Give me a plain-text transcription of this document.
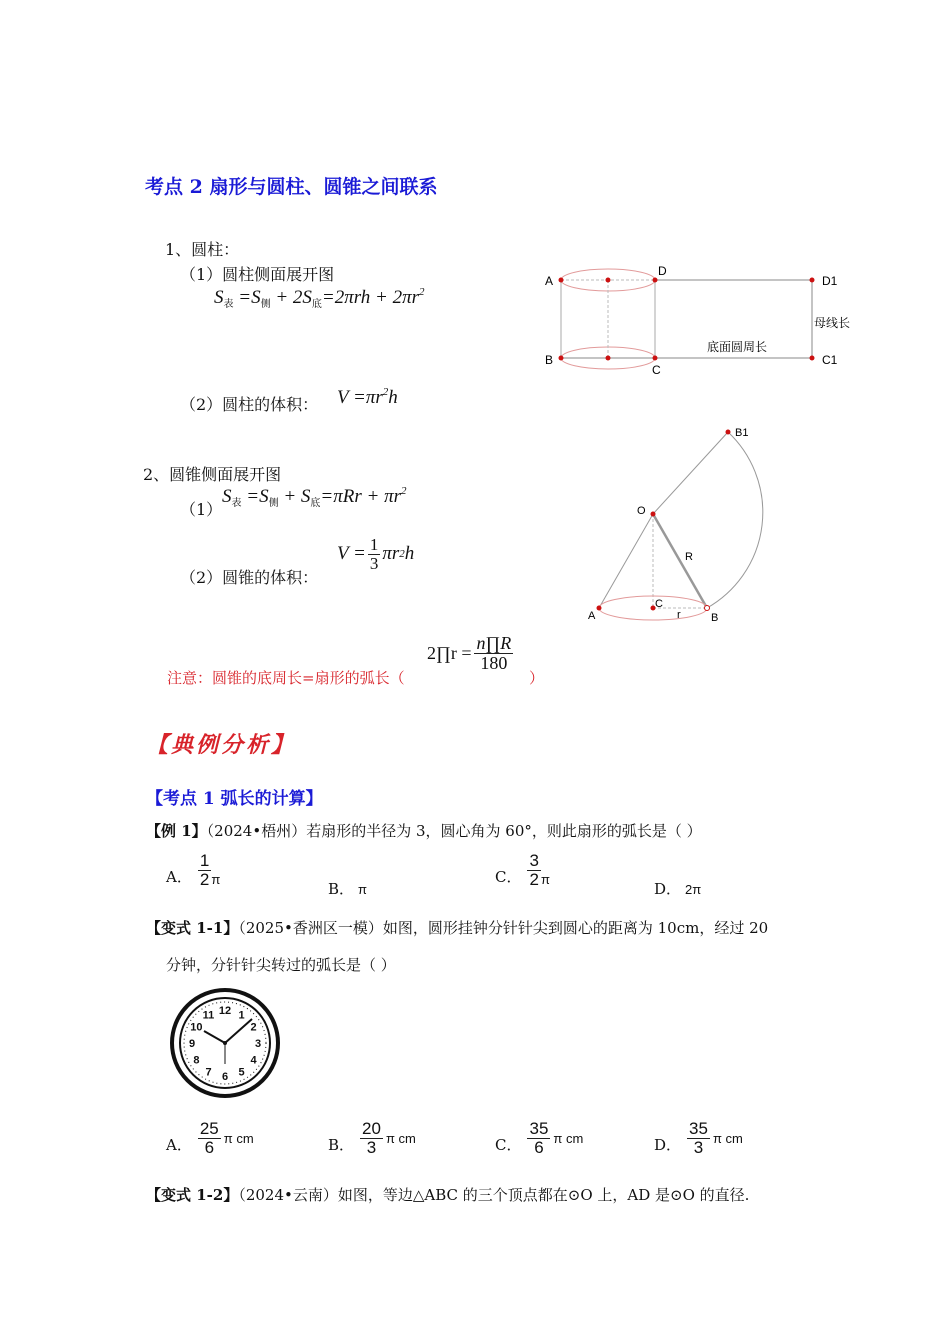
考点 2 扇形与圆柱、圆锥之间联系
1、圆柱：
（1）圆柱侧面展开图
$S_表 =S_侧 + 2S_底=2\pi rh + 2\pi r^2$
（2）圆柱的体积： $V =\pi r^2h$
A
D
D1
B
C
C1
母线长
底面圆周长
2、圆锥侧面展开图
（1）
$S_表 =S_侧 + S_底=\pi Rr + \pi r^2$
（2）圆锥的体积：
$V = \frac{1}{3}$ πr 2 h
O
R
C
r
A	B
B1
注意：圆锥的底周长=扇形的弧长（
2∏r = $\frac{n\prod R}{180}$
）
【典例分析】
【考点 1 弧长的计算】
【例 1】（2024•梧州）若扇形的半径为 3，圆心角为 60°，则此扇形的弧长是（ ）
A． $\frac{1}{2}$ π
B． π
C． $\frac{3}{2}$ π
D． 2π
【变式 1-1】（2025•香洲区一模）如图，圆形挂钟分针针尖到圆心的距离为 10cm，经过 20
分钟，分针针尖转过的弧长是（ ）
12 1
2
3
4
5
6
7
8
9
10
11
A． $\frac{25}{6}$ π cm	B． $\frac{20}{3}$ π cm	C． $\frac{35}{6}$ π cm	D． $\frac{35}{3}$ π cm
【变式 1-2】（2024•云南）如图，等边△ABC 的三个顶点都在⊙O 上，AD 是⊙O 的直径.
